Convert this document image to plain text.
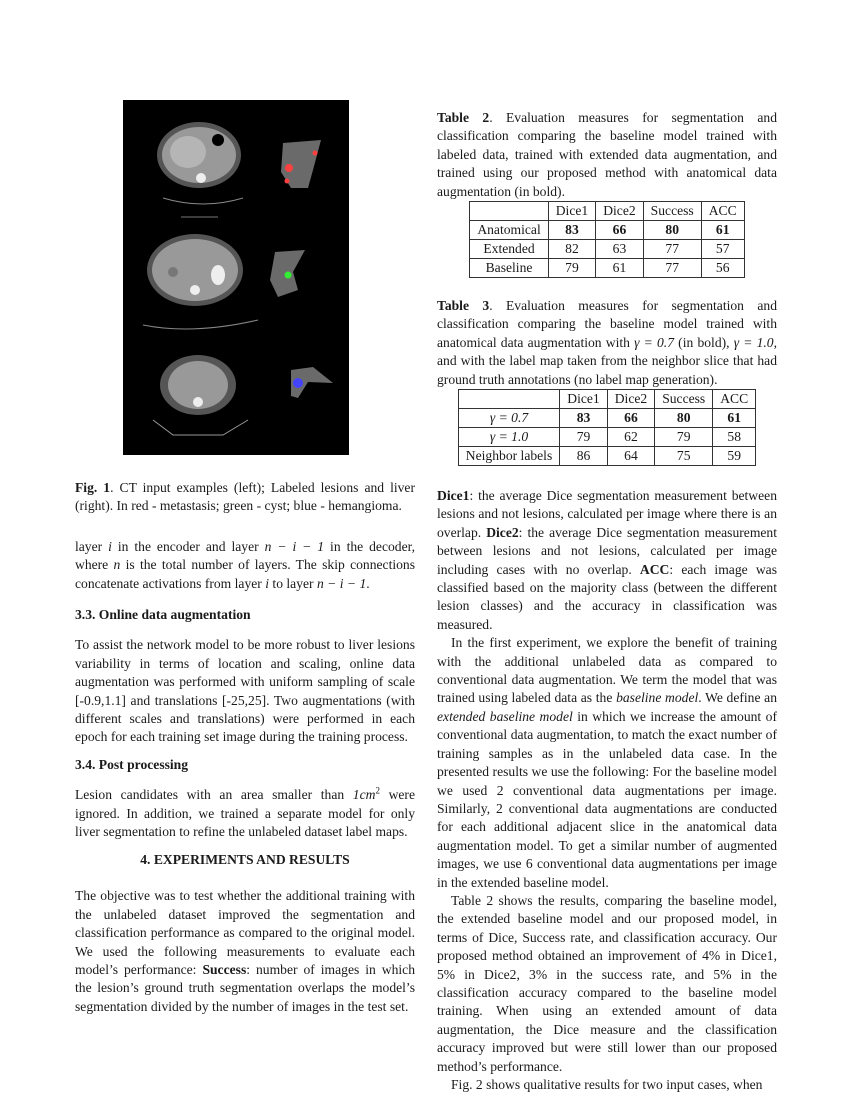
Fig. 1. CT input examples (left); Labeled lesions and liver (right). In red - metastasis; green - cyst; blue - hemangioma.

layer i in the encoder and layer n − i − 1 in the decoder, where n is the total number of layers. The skip connections concatenate activations from layer i to layer n − i − 1.

3.3. Online data augmentation

To assist the network model to be more robust to liver lesions variability in terms of location and scaling, online data augmentation was performed with uniform sampling of scale [-0.9,1.1] and translations [-25,25]. Two augmentations (with different scales and translations) were performed in each epoch for each training set image during the training process.

3.4. Post processing

Lesion candidates with an area smaller than $1cm^2$ were ignored. In addition, we trained a separate model for only liver segmentation to refine the unlabeled dataset label maps.

4. EXPERIMENTS AND RESULTS

The objective was to test whether the additional training with the unlabeled dataset improved the segmentation and classification performance as compared to the original model. We used the following measurements to evaluate each model’s performance: Success: number of images in which the lesion’s ground truth segmentation overlaps the model’s segmentation divided by the number of images in the test set.

Table 2. Evaluation measures for segmentation and classification comparing the baseline model trained with labeled data, trained with extended data augmentation, and trained using our proposed method with anatomical data augmentation (in bold).

	Dice1	Dice2	Success	ACC
Anatomical	83	66	80	61
Extended	82	63	77	57
Baseline	79	61	77	56

Table 3. Evaluation measures for segmentation and classification comparing the baseline model trained with anatomical data augmentation with γ = 0.7 (in bold), γ = 1.0, and with the label map taken from the neighbor slice that had ground truth annotations (no label map generation).

	Dice1	Dice2	Success	ACC
γ = 0.7	83	66	80	61
γ = 1.0	79	62	79	58
Neighbor labels	86	64	75	59

Dice1: the average Dice segmentation measurement between lesions and not lesions, calculated per image where there is an overlap. Dice2: the average Dice segmentation measurement between lesions and not lesions, calculated per image including cases with no overlap. ACC: each image was classified based on the majority class (between the different lesion classes) and the accuracy in classification was measured.

In the first experiment, we explore the benefit of training with the additional unlabeled data as compared to conventional data augmentation. We term the model that was trained using labeled data as the baseline model. We define an extended baseline model in which we increase the amount of conventional data augmentation, to match the exact number of training samples as in the unlabeled data case. In the presented results we use the following: For the baseline model we used 2 conventional data augmentations per image. Similarly, 2 conventional data augmentations are conducted for each additional adjacent slice in the anatomical data augmentation model. To get a similar number of augmented images, we use 6 conventional data augmentations per image in the extended baseline model.

Table 2 shows the results, comparing the baseline model, the extended baseline model and our proposed model, in terms of Dice, Success rate, and classification accuracy. Our proposed method obtained an improvement of 4% in Dice1, 5% in Dice2, 3% in the success rate, and 5% in the classification accuracy compared to the baseline model training. When using an extended amount of data augmentation, the Dice measure and the classification accuracy improved but were still lower than our proposed method’s performance.

Fig. 2 shows qualitative results for two input cases, when
